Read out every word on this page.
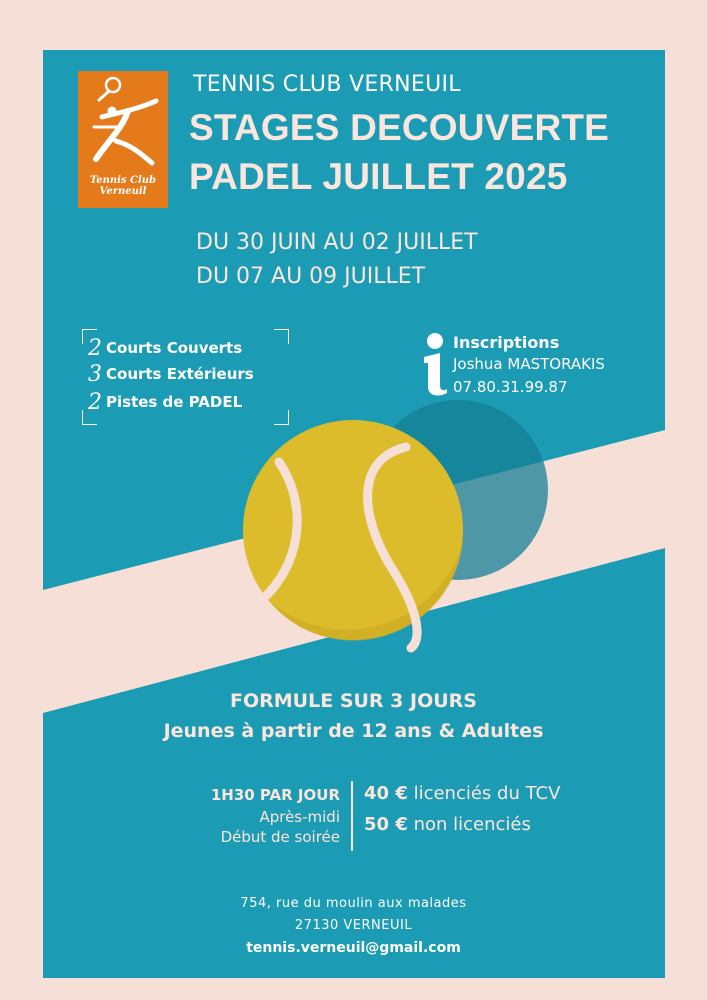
Tennis Club
Verneuil
TENNIS CLUB VERNEUIL
STAGES DECOUVERTE
PADEL JUILLET 2025
DU 30 JUIN AU 02 JUILLET
DU 07 AU 09 JUILLET
2 Courts Couverts
3 Courts Extérieurs
2 Pistes de PADEL
Inscriptions
Joshua MASTORAKIS
07.80.31.99.87
FORMULE SUR 3 JOURS
Jeunes à partir de 12 ans & Adultes
1H30 PAR JOUR
Après-midi
Début de soirée
40 € licenciés du TCV
50 € non licenciés
754, rue du moulin aux malades
27130 VERNEUIL
tennis.verneuil@gmail.com
